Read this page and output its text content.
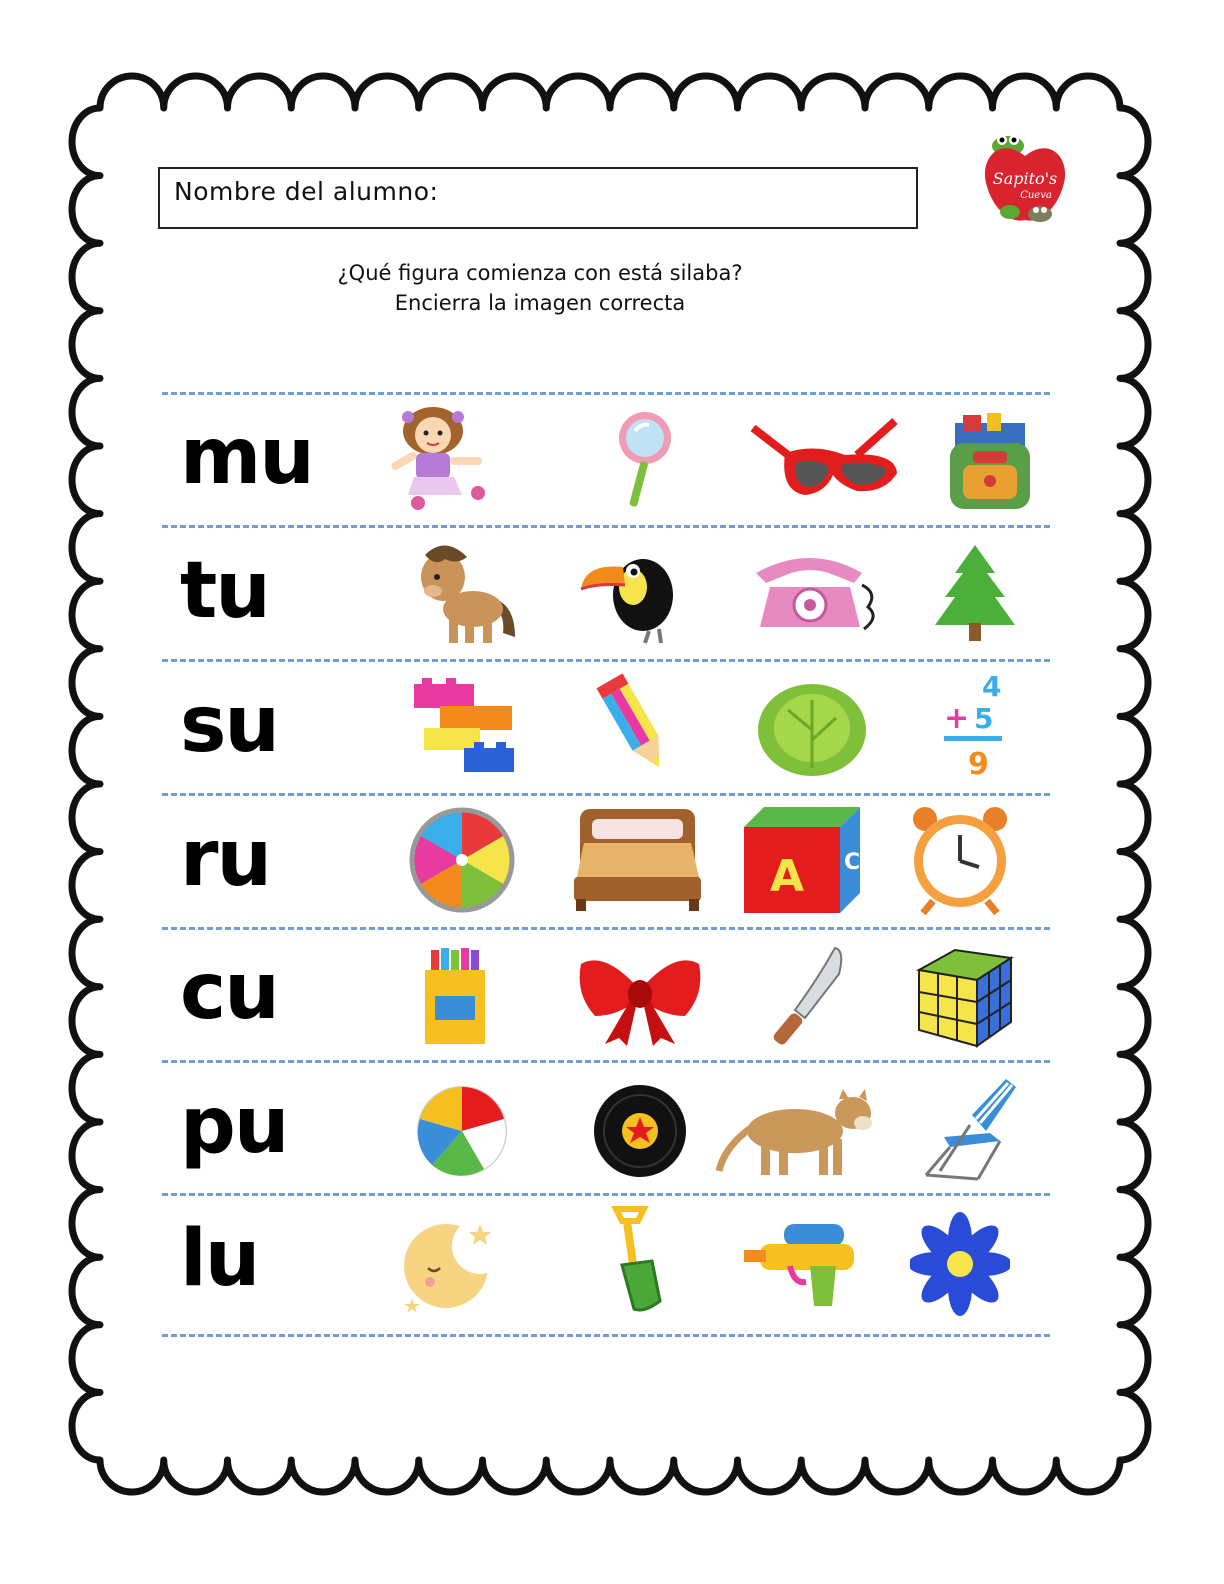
Nombre del alumno:	Sapito's
Cueva
¿Qué figura comienza con está silaba?
Encierra la imagen correcta
mu
tu
su	4
+ 5
9
ru	A C
cu
pu
lu
